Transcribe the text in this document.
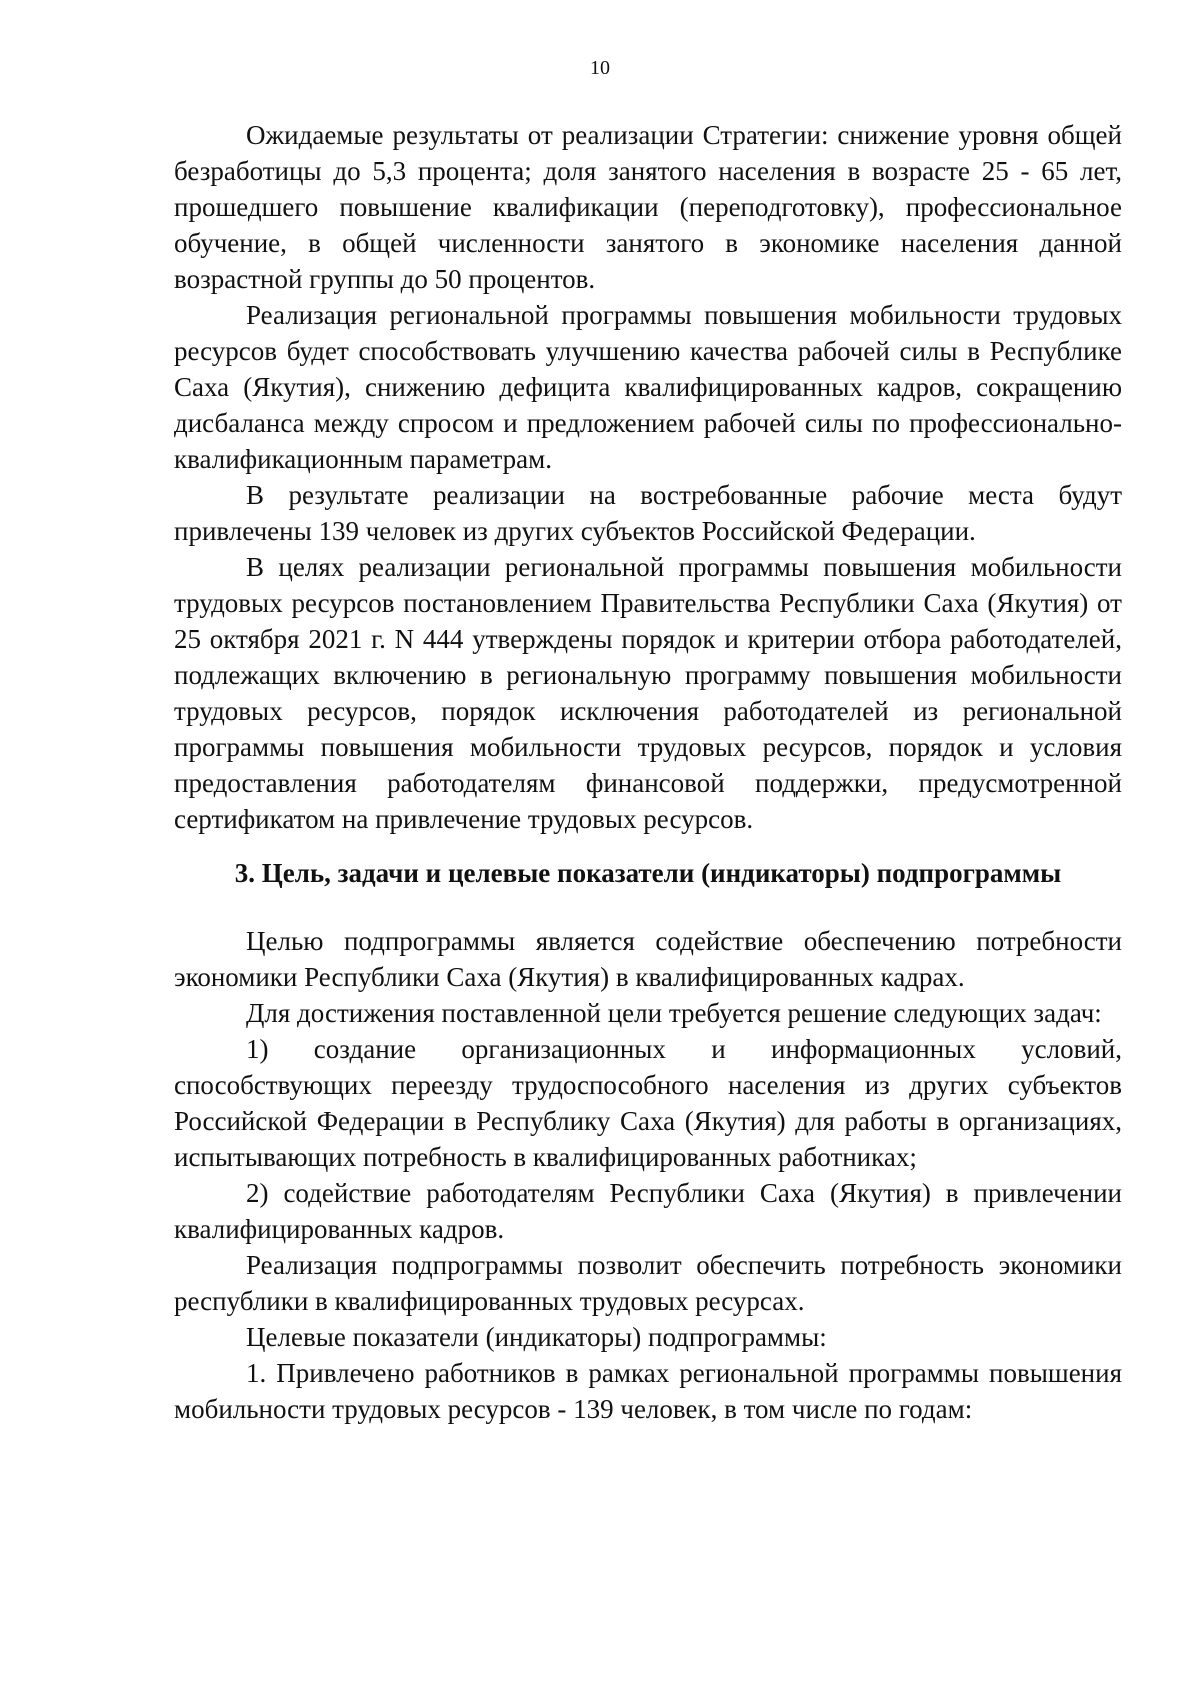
10

Ожидаемые результаты от реализации Стратегии: снижение уровня общей безработицы до 5,3 процента; доля занятого населения в возрасте 25 - 65 лет, прошедшего повышение квалификации (переподготовку), профессиональное обучение, в общей численности занятого в экономике населения данной возрастной группы до 50 процентов.

Реализация региональной программы повышения мобильности трудовых ресурсов будет способствовать улучшению качества рабочей силы в Республике Саха (Якутия), снижению дефицита квалифицированных кадров, сокращению дисбаланса между спросом и предложением рабочей силы по профессионально-квалификационным параметрам.

В результате реализации на востребованные рабочие места будут привлечены 139 человек из других субъектов Российской Федерации.

В целях реализации региональной программы повышения мобильности трудовых ресурсов постановлением Правительства Республики Саха (Якутия) от 25 октября 2021 г. N 444 утверждены порядок и критерии отбора работодателей, подлежащих включению в региональную программу повышения мобильности трудовых ресурсов, порядок исключения работодателей из региональной программы повышения мобильности трудовых ресурсов, порядок и условия предоставления работодателям финансовой поддержки, предусмотренной сертификатом на привлечение трудовых ресурсов.

3. Цель, задачи и целевые показатели (индикаторы) подпрограммы

Целью подпрограммы является содействие обеспечению потребности экономики Республики Саха (Якутия) в квалифицированных кадрах.

Для достижения поставленной цели требуется решение следующих задач:

1) создание организационных и информационных условий, способствующих переезду трудоспособного населения из других субъектов Российской Федерации в Республику Саха (Якутия) для работы в организациях, испытывающих потребность в квалифицированных работниках;

2) содействие работодателям Республики Саха (Якутия) в привлечении квалифицированных кадров.

Реализация подпрограммы позволит обеспечить потребность экономики республики в квалифицированных трудовых ресурсах.

Целевые показатели (индикаторы) подпрограммы:

1. Привлечено работников в рамках региональной программы повышения мобильности трудовых ресурсов - 139 человек, в том числе по годам:
